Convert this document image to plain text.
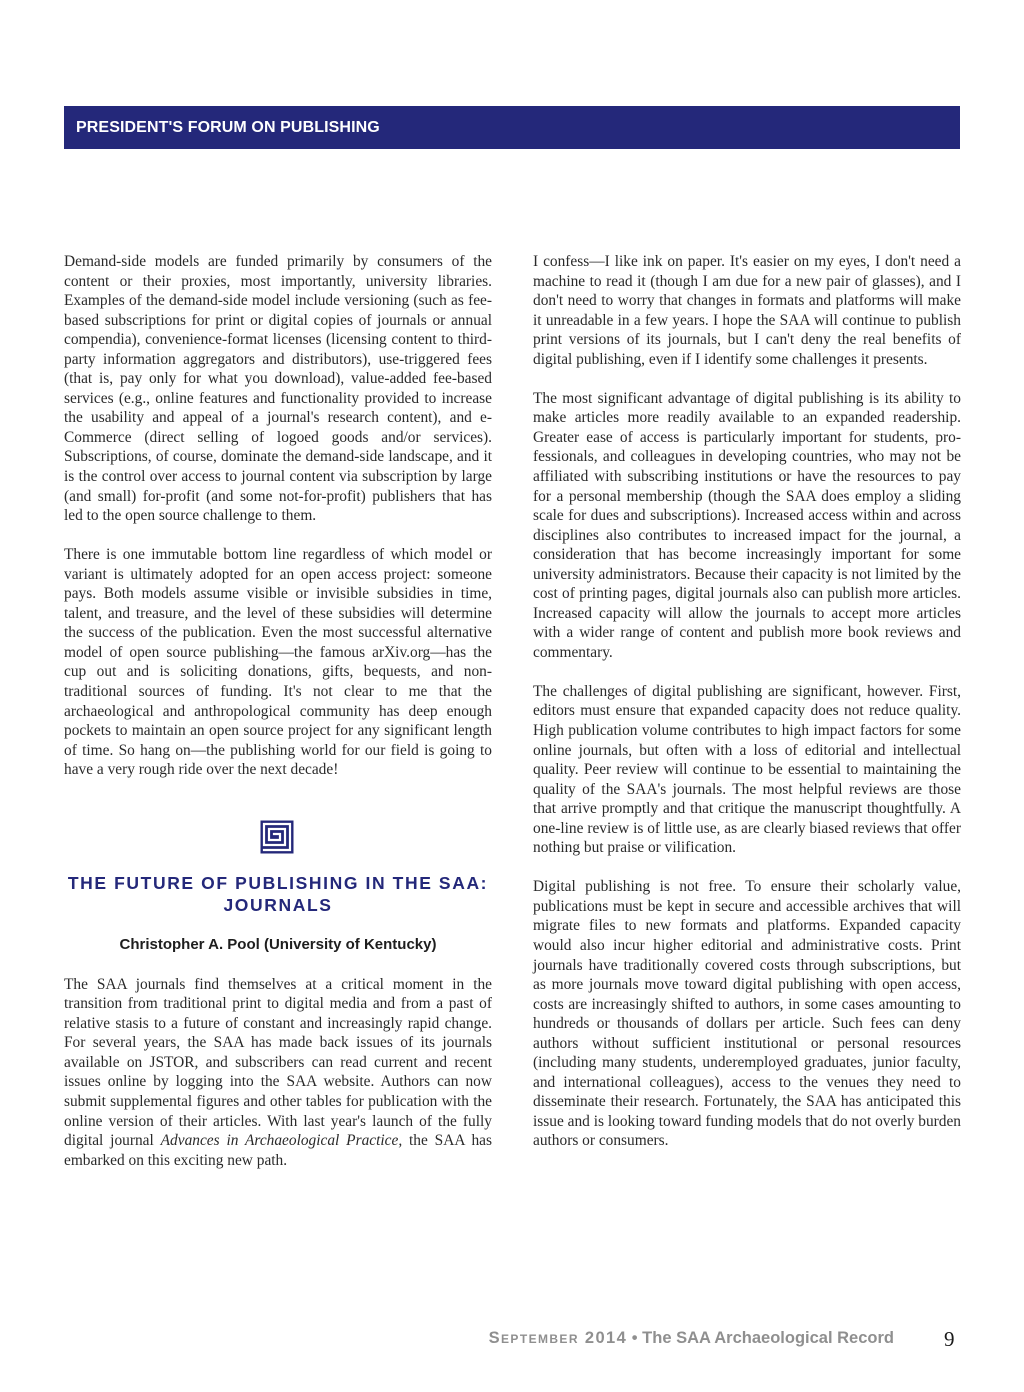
PRESIDENT'S FORUM ON PUBLISHING

Demand-side models are funded primarily by consumers of the content or their proxies, most importantly, university libraries. Examples of the demand-side model include versioning (such as fee-based subscriptions for print or digital copies of journals or annual compendia), convenience-format licenses (licensing content to third-party information aggregators and distributors), use-triggered fees (that is, pay only for what you download), value-added fee-based services (e.g., online features and functionality provided to increase the usability and appeal of a journal's research content), and e-Commerce (direct selling of logoed goods and/or services). Subscriptions, of course, dominate the demand-side landscape, and it is the control over access to journal content via subscription by large (and small) for-profit (and some not-for-profit) publishers that has led to the open source challenge to them.

There is one immutable bottom line regardless of which model or variant is ultimately adopted for an open access project: someone pays. Both models assume visible or invisible subsidies in time, talent, and treasure, and the level of these subsidies will determine the success of the publication. Even the most successful alternative model of open source publishing—the famous arXiv.org—has the cup out and is soliciting donations, gifts, bequests, and non-traditional sources of funding. It's not clear to me that the archaeological and anthropological community has deep enough pockets to maintain an open source project for any significant length of time. So hang on—the publishing world for our field is going to have a very rough ride over the next decade!

THE FUTURE OF PUBLISHING IN THE SAA: JOURNALS
Christopher A. Pool (University of Kentucky)

The SAA journals find themselves at a critical moment in the transition from traditional print to digital media and from a past of relative stasis to a future of constant and increasingly rapid change. For several years, the SAA has made back issues of its journals available on JSTOR, and subscribers can read current and recent issues online by logging into the SAA website. Authors can now submit supplemental figures and other tables for publication with the online version of their articles. With last year's launch of the fully digital journal Advances in Archaeological Practice, the SAA has embarked on this exciting new path.

I confess—I like ink on paper. It's easier on my eyes, I don't need a machine to read it (though I am due for a new pair of glasses), and I don't need to worry that changes in formats and platforms will make it unreadable in a few years. I hope the SAA will continue to publish print versions of its journals, but I can't deny the real benefits of digital publishing, even if I identify some challenges it presents.

The most significant advantage of digital publishing is its ability to make articles more readily available to an expanded readership. Greater ease of access is particularly important for students, professionals, and colleagues in developing countries, who may not be affiliated with subscribing institutions or have the resources to pay for a personal membership (though the SAA does employ a sliding scale for dues and subscriptions). Increased access within and across disciplines also contributes to increased impact for the journal, a consideration that has become increasingly important for some university administrators. Because their capacity is not limited by the cost of printing pages, digital journals also can publish more articles. Increased capacity will allow the journals to accept more articles with a wider range of content and publish more book reviews and commentary.

The challenges of digital publishing are significant, however. First, editors must ensure that expanded capacity does not reduce quality. High publication volume contributes to high impact factors for some online journals, but often with a loss of editorial and intellectual quality. Peer review will continue to be essential to maintaining the quality of the SAA's journals. The most helpful reviews are those that arrive promptly and that critique the manuscript thoughtfully. A one-line review is of little use, as are clearly biased reviews that offer nothing but praise or vilification.

Digital publishing is not free. To ensure their scholarly value, publications must be kept in secure and accessible archives that will migrate files to new formats and platforms. Expanded capacity would also incur higher editorial and administrative costs. Print journals have traditionally covered costs through subscriptions, but as more journals move toward digital publishing with open access, costs are increasingly shifted to authors, in some cases amounting to hundreds or thousands of dollars per article. Such fees can deny authors without sufficient institutional or personal resources (including many students, underemployed graduates, junior faculty, and international colleagues), access to the venues they need to disseminate their research. Fortunately, the SAA has anticipated this issue and is looking toward funding models that do not overly burden authors or consumers.

September 2014 • The SAA Archaeological Record 9
